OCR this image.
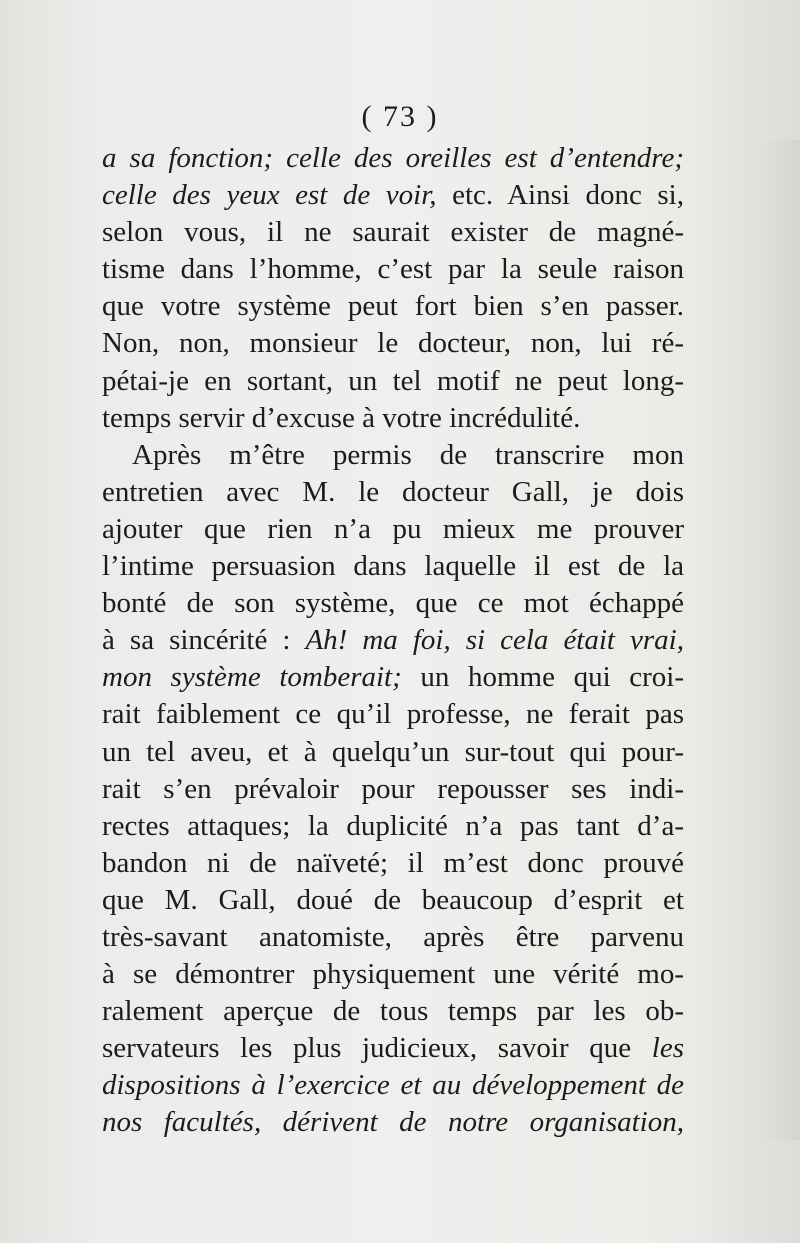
( 73 )
a sa fonction; celle des oreilles est d’entendre;
celle des yeux est de voir, etc. Ainsi donc si,
selon vous, il ne saurait exister de magné-
tisme dans l’homme, c’est par la seule raison
que votre système peut fort bien s’en passer.
Non, non, monsieur le docteur, non, lui ré-
pétai-je en sortant, un tel motif ne peut long-
temps servir d’excuse à votre incrédulité.
Après m’être permis de transcrire mon
entretien avec M. le docteur Gall, je dois
ajouter que rien n’a pu mieux me prouver
l’intime persuasion dans laquelle il est de la
bonté de son système, que ce mot échappé
à sa sincérité : Ah! ma foi, si cela était vrai,
mon système tomberait; un homme qui croi-
rait faiblement ce qu’il professe, ne ferait pas
un tel aveu, et à quelqu’un sur-tout qui pour-
rait s’en prévaloir pour repousser ses indi-
rectes attaques; la duplicité n’a pas tant d’a-
bandon ni de naïveté; il m’est donc prouvé
que M. Gall, doué de beaucoup d’esprit et
très-savant anatomiste, après être parvenu
à se démontrer physiquement une vérité mo-
ralement aperçue de tous temps par les ob-
servateurs les plus judicieux, savoir que les
dispositions à l’exercice et au développement de
nos facultés, dérivent de notre organisation,
